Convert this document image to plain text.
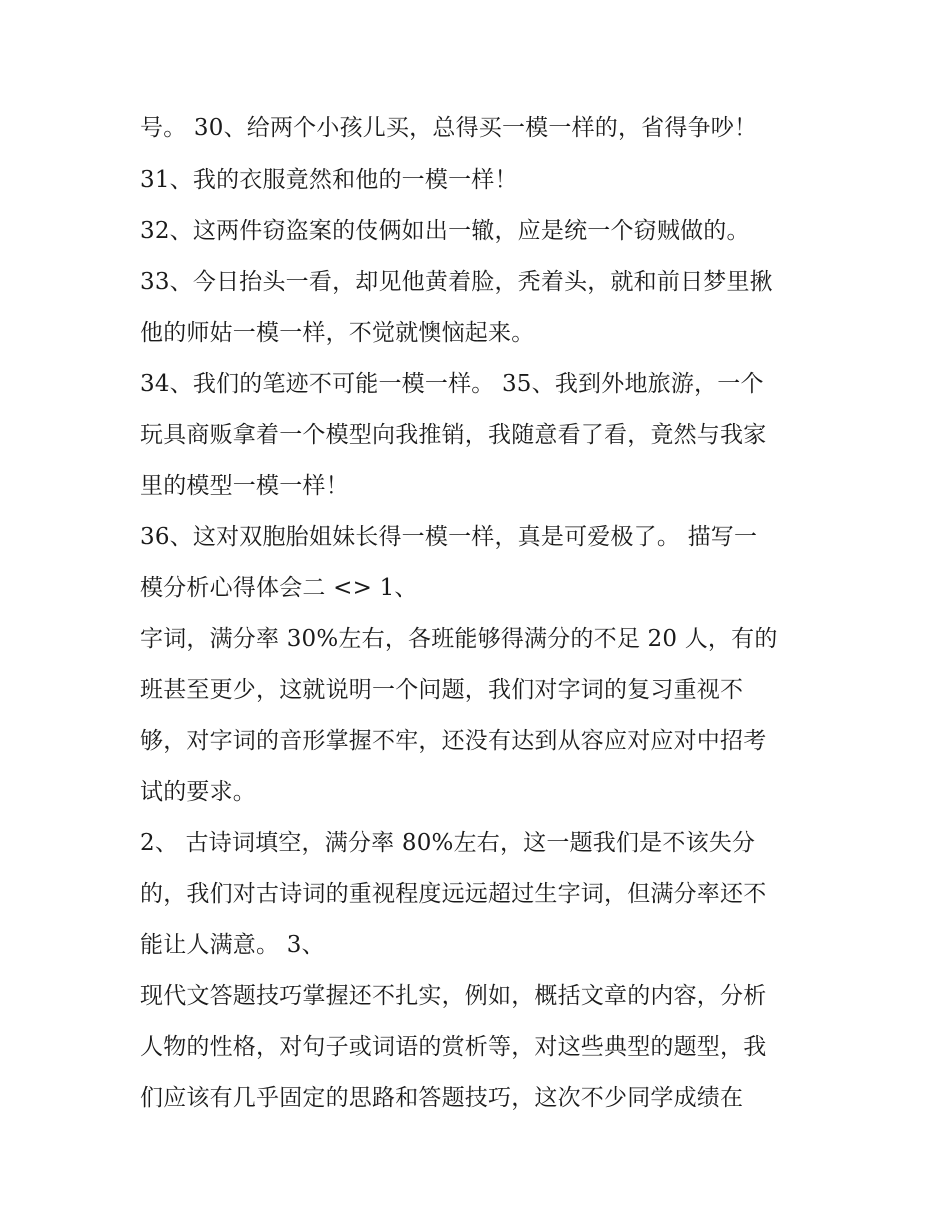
号。 30、给两个小孩儿买，总得买一模一样的，省得争吵！
31、我的衣服竟然和他的一模一样！
32、这两件窃盗案的伎俩如出一辙，应是统一个窃贼做的。
33、今日抬头一看，却见他黄着脸，秃着头，就和前日梦里揪
他的师姑一模一样，不觉就懊恼起来。
34、我们的笔迹不可能一模一样。 35、我到外地旅游，一个
玩具商贩拿着一个模型向我推销，我随意看了看，竟然与我家
里的模型一模一样！
36、这对双胞胎姐妹长得一模一样，真是可爱极了。 描写一
模分析心得体会二 <> 1、
字词，满分率 30%左右，各班能够得满分的不足 20 人，有的
班甚至更少，这就说明一个问题，我们对字词的复习重视不
够，对字词的音形掌握不牢，还没有达到从容应对应对中招考
试的要求。
2、 古诗词填空，满分率 80%左右，这一题我们是不该失分
的，我们对古诗词的重视程度远远超过生字词，但满分率还不
能让人满意。 3、
现代文答题技巧掌握还不扎实，例如，概括文章的内容，分析
人物的性格，对句子或词语的赏析等，对这些典型的题型，我
们应该有几乎固定的思路和答题技巧，这次不少同学成绩在
